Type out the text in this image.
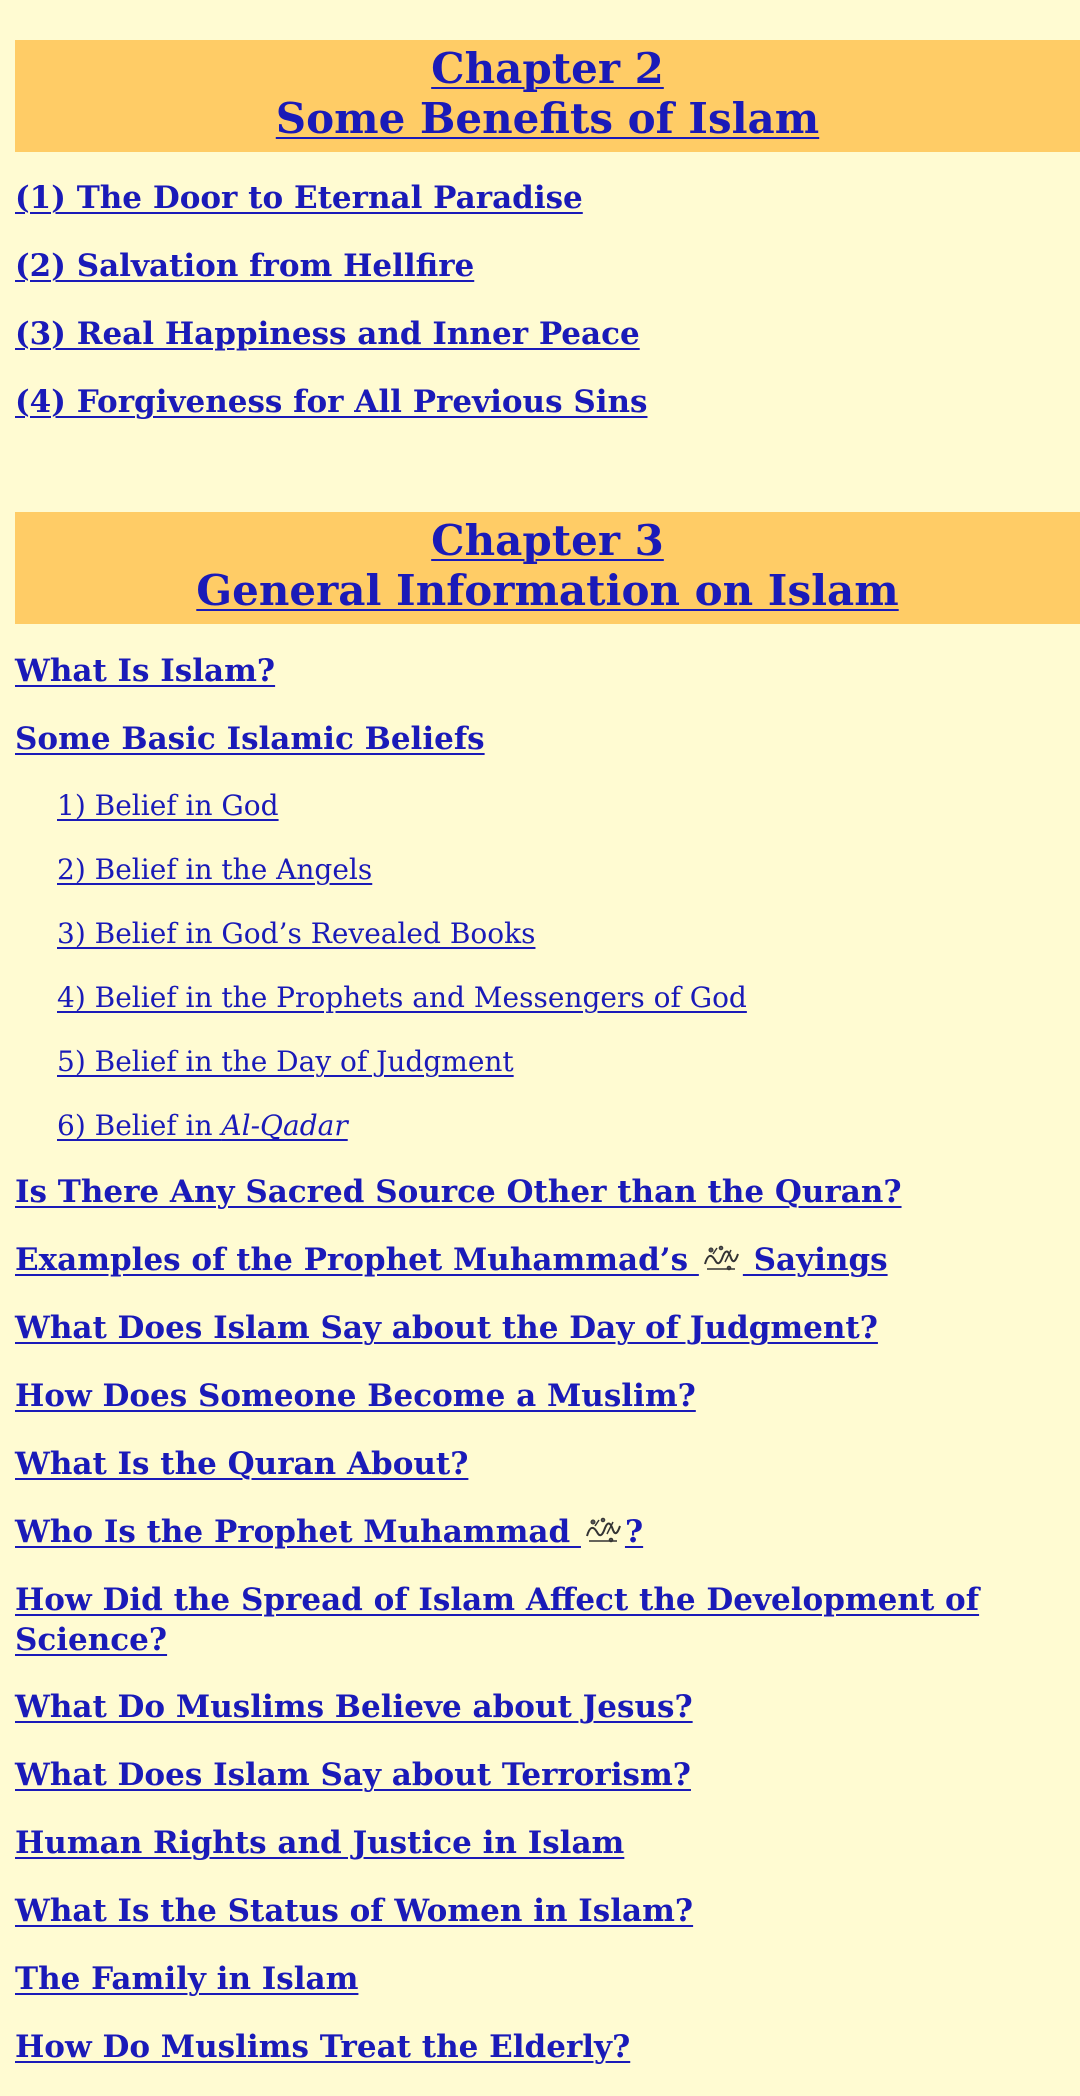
Chapter 2
Some Benefits of Islam
(1) The Door to Eternal Paradise
(2) Salvation from Hellfire
(3) Real Happiness and Inner Peace
(4) Forgiveness for All Previous Sins
Chapter 3
General Information on Islam
What Is Islam?
Some Basic Islamic Beliefs
1) Belief in God
2) Belief in the Angels
3) Belief in God’s Revealed Books
4) Belief in the Prophets and Messengers of God
5) Belief in the Day of Judgment
6) Belief in Al-Qadar
Is There Any Sacred Source Other than the Quran?
Examples of the Prophet Muhammad’s  Sayings
What Does Islam Say about the Day of Judgment?
How Does Someone Become a Muslim?
What Is the Quran About?
Who Is the Prophet Muhammad ?
How Did the Spread of Islam Affect the Development of Science?
What Do Muslims Believe about Jesus?
What Does Islam Say about Terrorism?
Human Rights and Justice in Islam
What Is the Status of Women in Islam?
The Family in Islam
How Do Muslims Treat the Elderly?
